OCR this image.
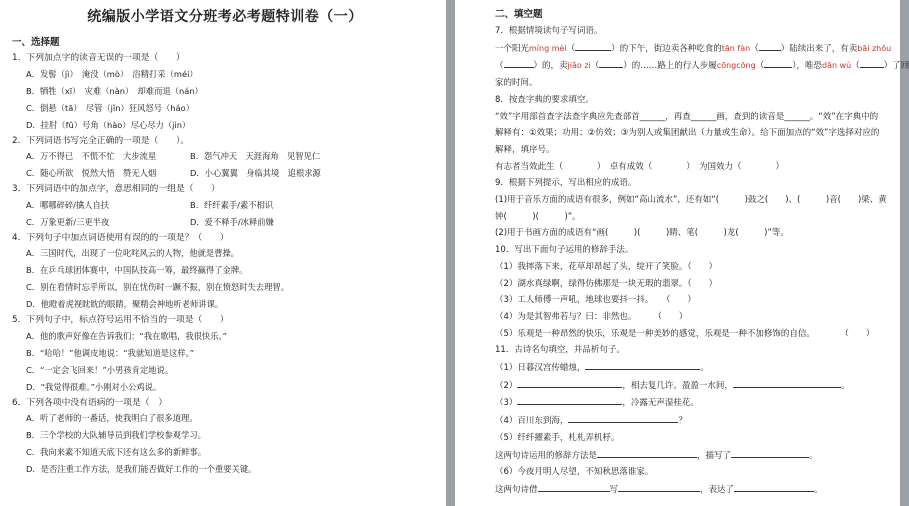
统编版小学语文分班考必考题特训卷（一）
一、选择题
1．下列加点字的读音无误的一项是（　　）
A．发髻（jì）　淹没（mò）　浴精打采（méi）
B．牺牲（xī）　灾难（nàn）　却难而退（nán）
C．倒悬（tā）　尽管（jǐn）狂风怒号（háo）
D．挂肘（fǔ）号角（hào）尽心尽力（jìn）
2．下列词语书写完全正确的一项是（　　）。
A．万不得已　不慌不忙　大步流星	B．怨气冲天　天涯海角　见智见仁
C．随心所欲　悦然大悟　赞无人烟	D．小心翼翼　身临其境　追根求源
3．下列词语中的加点字，意思相同的一组是（　　）
A．哪哪碎碎/擒人自扶	B．纤纤素手/素不相识
C．万象更新/三更半夜	D．爱不释手/冰释前嫌
4．下列句子中加点词语使用有误的的一项是？（　　）
A．三国时代，出现了一位叱咤风云的人物，他就是曹操。
B．在乒乓球团体赛中，中国队技高一筹，最终赢得了金牌。
C．别在看情时忘乎所以，别在忧伤时一蹶不振，别在愤怒时失去理智。
D．他瞪着虎视眈眈的眼睛，聚精会神地听老师讲课。
5．下列句子中，标点符号运用不恰当的一项是（　　）
A．他的歌声好像在告诉我们：“我在歌唱，我很快乐。”
B．“哈哈！”他调皮地说：“我就知道是这样。”
C．“一定会飞回来！”小男孩肯定地说。
D．“我觉得很难。”小刚对小公鸡说。
6．下列各项中没有语病的一项是（　）
A．听了老师的一番话，使我明白了很多道理。
B．三个学校的大队辅导员到我们学校参观学习。
C．我向来素不知道天底下还有这么多的新鲜事。
D．是否注重工作方法，是我们能否做好工作的一个重要关键。
二、填空题
7．根据情境读句子写词语。
一个阳光míng mèi（	）的下午，街边卖各种吃食的tān fàn（	）陆续出来了，有卖bāi zhōu
（	）的，卖jiǎo zi（	）的……路上的行人步履cōngcōng（	），唯恐dān wù（	）了回
家的时间。
8．按查字典的要求填空。
“效”字用部首查字法查字典应先查部首______，再查______画，查到的读音是______。“效”在字典中的
解释有：①效果；功用；②仿效；③为别人或集团献出（力量或生命）。给下面加点的“效”字选择对应的
解释，填序号。
有志者当效此生（　　　　）　卓有成效（　　　　）　为国效力（　　　　）
9．根据下列提示，写出相应的成语。
(1)用于音乐方面的成语有很多，例如“高山流水”，还有如“(　　　)鼓之(　　)、(　　　)音(　　)梁、黄
钟(　　　)(　　　)”。
(2)用于书画方面的成语有“画(　　　)(　　　)睛、笔(　　　)龙(　　　)”等。
10．写出下面句子运用的修辞手法。
（1）我摔落下来，花草却昂起了头，绽开了笑脸。（　　）
（2）湖水真绿啊，绿得仿佛那是一块无瑕的翡翠。（　　）
（3）工人师傅一声吼，地球也要抖一抖。　　（　　）
（4）为是其智弗若与？曰：非然也。　　　（　　）
（5）乐观是一种昂然的快乐，乐观是一种美妙的感觉，乐观是一种不加修饰的自信。　　　　（　　）
11．古诗名句填空，并品析句子。
（1）日暮汉宫传蜡烛，	。
（2）	，相去复几许。盈盈一水间，	。
（3）	，冷露无声湿桂花。
（4）百川东到海，	？
（5）纤纤擢素手，札札弄机杼。
这两句诗运用的修辞方法是	，描写了	。
（6）今夜月明人尽望，不知秋思落谁家。
这两句诗借	写	，表达了	。
